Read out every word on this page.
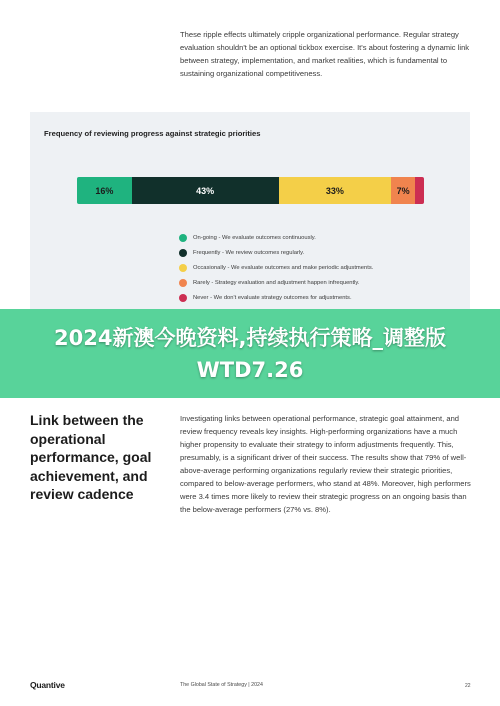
These ripple effects ultimately cripple organizational performance. Regular strategy evaluation shouldn't be an optional tickbox exercise. It's about fostering a dynamic link between strategy, implementation, and market realities, which is fundamental to sustaining organizational competitiveness.

Frequency of reviewing progress against strategic priorities
16%	43%	33%	7%
On-going - We evaluate outcomes continuously.
Frequently - We review outcomes regularly.
Occasionally - We evaluate outcomes and make periodic adjustments.
Rarely - Strategy evaluation and adjustment happen infrequently.
Never - We don't evaluate strategy outcomes for adjustments.
2024新澳今晚资料,持续执行策略_调整版WTD7.26
Link between the operational performance, goal achievement, and review cadence

Investigating links between operational performance, strategic goal attainment, and review frequency reveals key insights. High-performing organizations have a much higher propensity to evaluate their strategy to inform adjustments frequently. This, presumably, is a significant driver of their success. The results show that 79% of well-above-average performing organizations regularly review their strategic priorities, compared to below-average performers, who stand at 48%. Moreover, high performers were 3.4 times more likely to review their strategic progress on an ongoing basis than the below-average performers (27% vs. 8%).

Quantive	The Global State of Strategy | 2024	22
